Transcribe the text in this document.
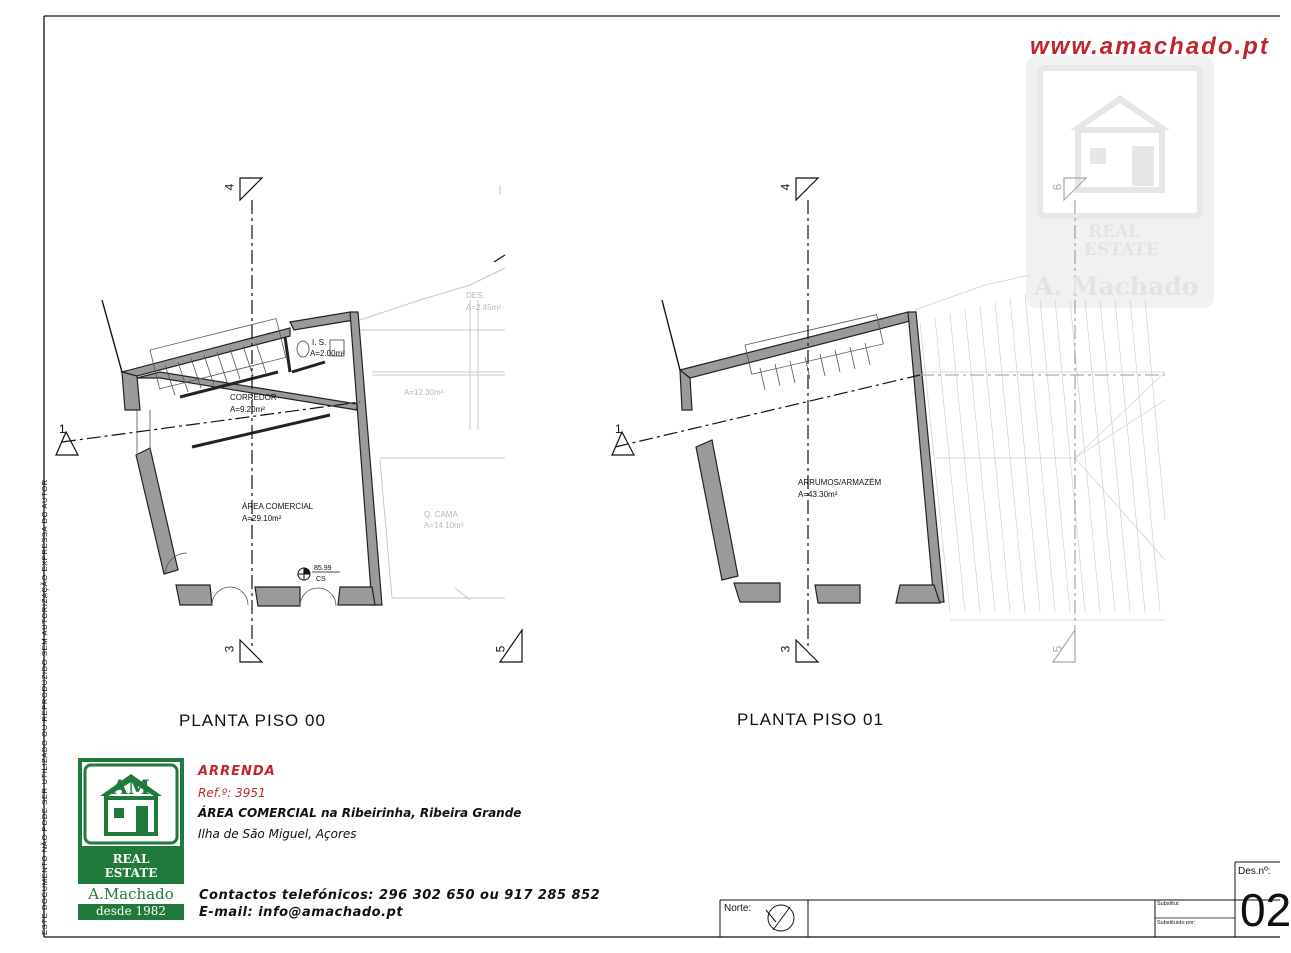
www.amachado.pt
REAL
ESTATE
A. Machado
I. S.
A=2.00m²
CORREDOR
A=9.20m²
ÁREA COMERCIAL
A=29.10m²
DES.
A=2.45m²
A=12.30m²
Q. CAMA
A=14.10m²
85.99
CS
ARRUMOS/ARMAZÉM
A=43.30m²
4
3	5
1
4
3
6
5
1
PLANTA PISO 00	PLANTA PISO 01
ESTE DOCUMENTO NÃO PODE SER UTILIZADO OU REPRODUZIDO SEM AUTORIZAÇÃO EXPRESSA DO AUTOR	AM
REAL
ESTATE
A.Machado
desde 1982
ARRENDA
Ref.º: 3951
ÁREA COMERCIAL na Ribeirinha, Ribeira Grande
Ilha de São Miguel, Açores
Contactos telefónicos: 296 302 650 ou 917 285 852
E-mail: info@amachado.pt	Norte:	Substitui:
Substituído por:
Des.nº:
02
